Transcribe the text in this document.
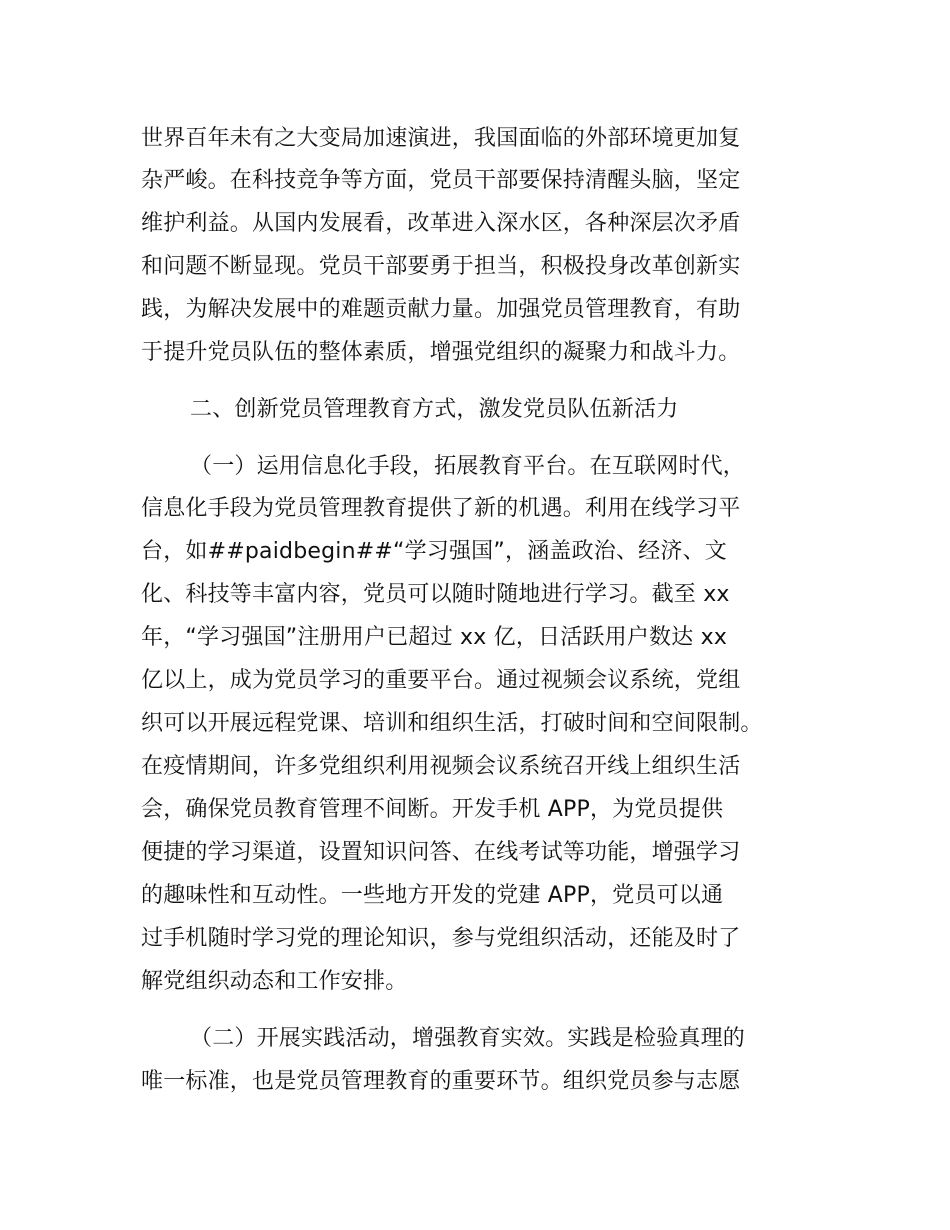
世界百年未有之大变局加速演进，我国面临的外部环境更加复
杂严峻。在科技竞争等方面，党员干部要保持清醒头脑，坚定
维护利益。从国内发展看，改革进入深水区，各种深层次矛盾
和问题不断显现。党员干部要勇于担当，积极投身改革创新实
践，为解决发展中的难题贡献力量。加强党员管理教育，有助
于提升党员队伍的整体素质，增强党组织的凝聚力和战斗力。
二、创新党员管理教育方式，激发党员队伍新活力
（一）运用信息化手段，拓展教育平台。在互联网时代，
信息化手段为党员管理教育提供了新的机遇。利用在线学习平
台，如##paidbegin##“学习强国”，涵盖政治、经济、文
化、科技等丰富内容，党员可以随时随地进行学习。截至 xx
年，“学习强国”注册用户已超过 xx 亿，日活跃用户数达 xx
亿以上，成为党员学习的重要平台。通过视频会议系统，党组
织可以开展远程党课、培训和组织生活，打破时间和空间限制。
在疫情期间，许多党组织利用视频会议系统召开线上组织生活
会，确保党员教育管理不间断。开发手机 APP，为党员提供
便捷的学习渠道，设置知识问答、在线考试等功能，增强学习
的趣味性和互动性。一些地方开发的党建 APP，党员可以通
过手机随时学习党的理论知识，参与党组织活动，还能及时了
解党组织动态和工作安排。
（二）开展实践活动，增强教育实效。实践是检验真理的
唯一标准，也是党员管理教育的重要环节。组织党员参与志愿
